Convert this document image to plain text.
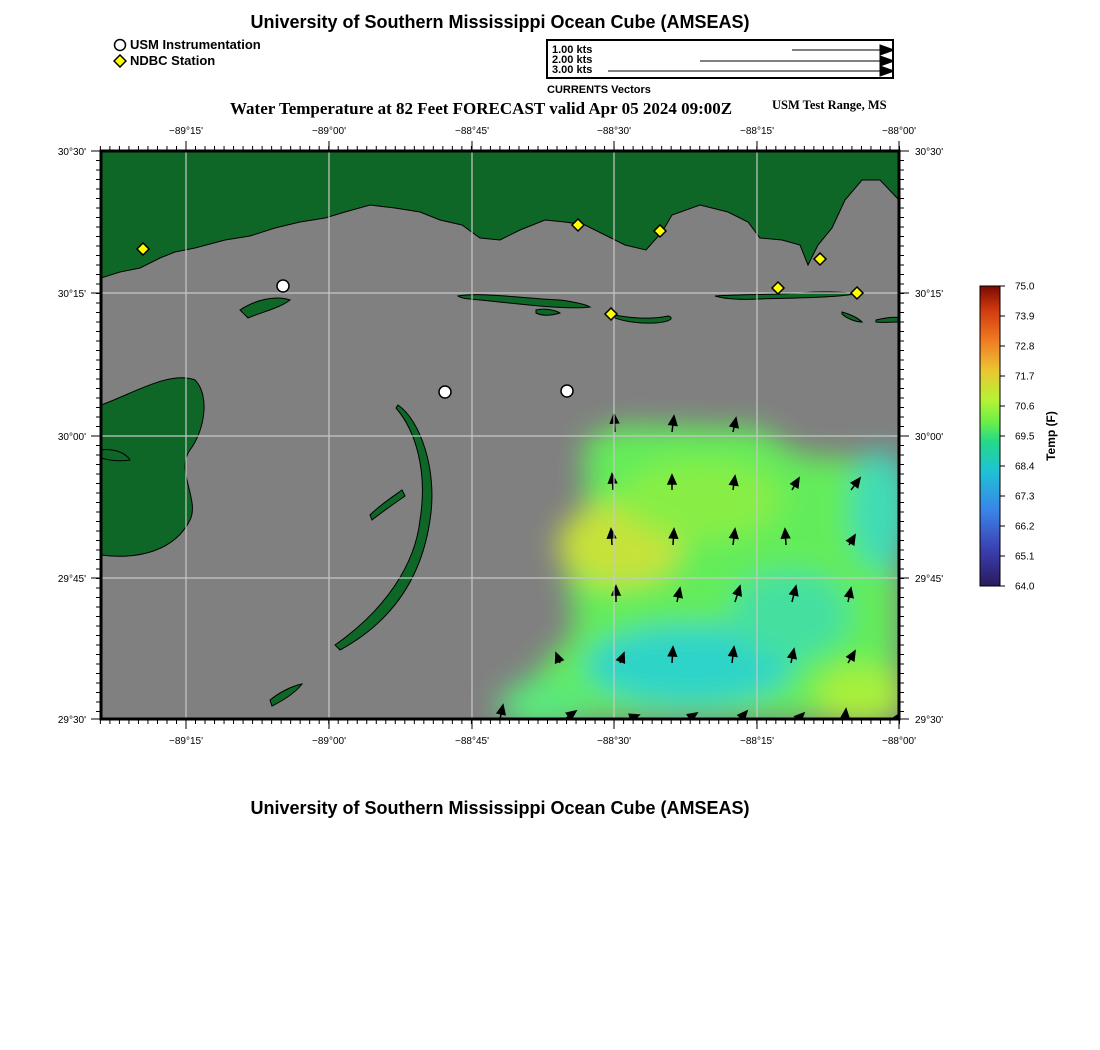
University of Southern Mississippi Ocean Cube (AMSEAS)
USM Instrumentation
NDBC Station
1.00 kts
2.00 kts
3.00 kts
CURRENTS Vectors
Water Temperature at 82 Feet FORECAST valid Apr 05 2024 09:00Z	USM Test Range, MS
−89°15'	−89°00'	−88°45'	−88°30'	−88°15'	−88°00'
−89°15'	−89°00'	−88°45'	−88°30'	−88°15'	−88°00'
30°30'
30°15'
30°00'
29°45'
29°30'
30°30'
30°15'
30°00'
29°45'
29°30'
75.0
73.9
72.8
71.7
70.6
69.5
68.4
67.3
66.2
65.1
64.0
Temp (F)
University of Southern Mississippi Ocean Cube (AMSEAS)
